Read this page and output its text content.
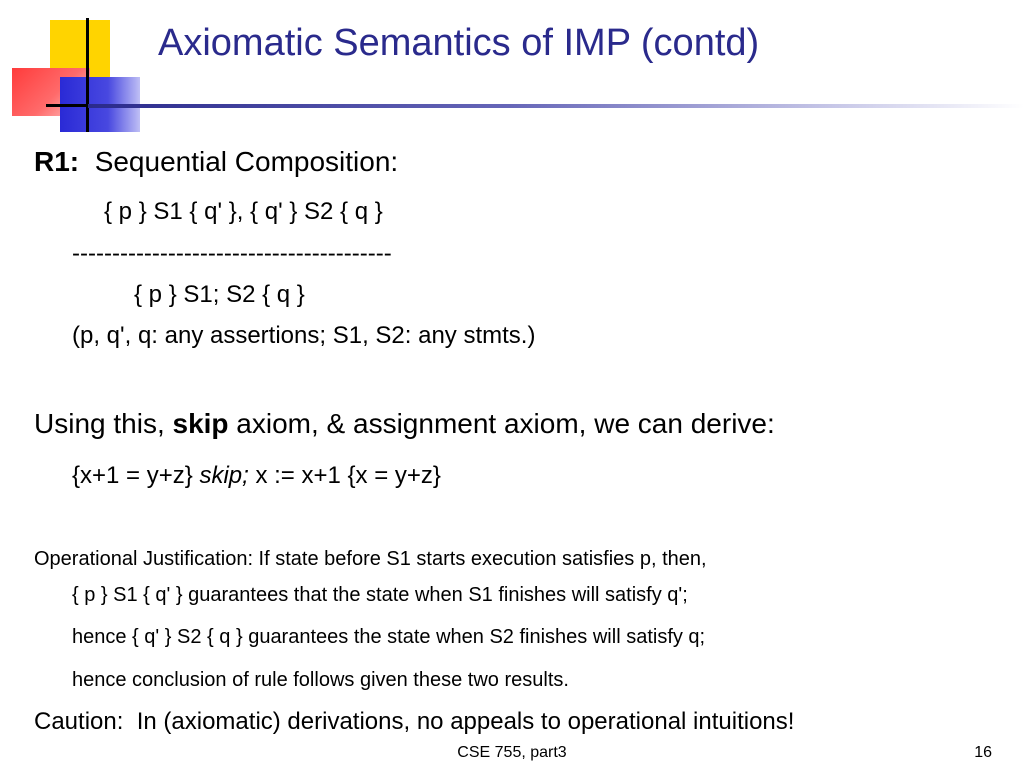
Axiomatic Semantics of IMP (contd)
R1: Sequential Composition:
{ p } S1 { q' }, { q' } S2 { q }
----------------------------------------
{ p } S1; S2 { q }
(p, q', q: any assertions; S1, S2: any stmts.)
Using this, skip axiom, & assignment axiom, we can derive:
{x+1 = y+z} skip; x := x+1 {x = y+z}
Operational Justification: If state before S1 starts execution satisfies p, then,
{ p } S1 { q' } guarantees that the state when S1 finishes will satisfy q';
hence { q' } S2 { q } guarantees the state when S2 finishes will satisfy q;
hence conclusion of rule follows given these two results.
Caution:  In (axiomatic) derivations, no appeals to operational intuitions!
CSE 755, part3	16
